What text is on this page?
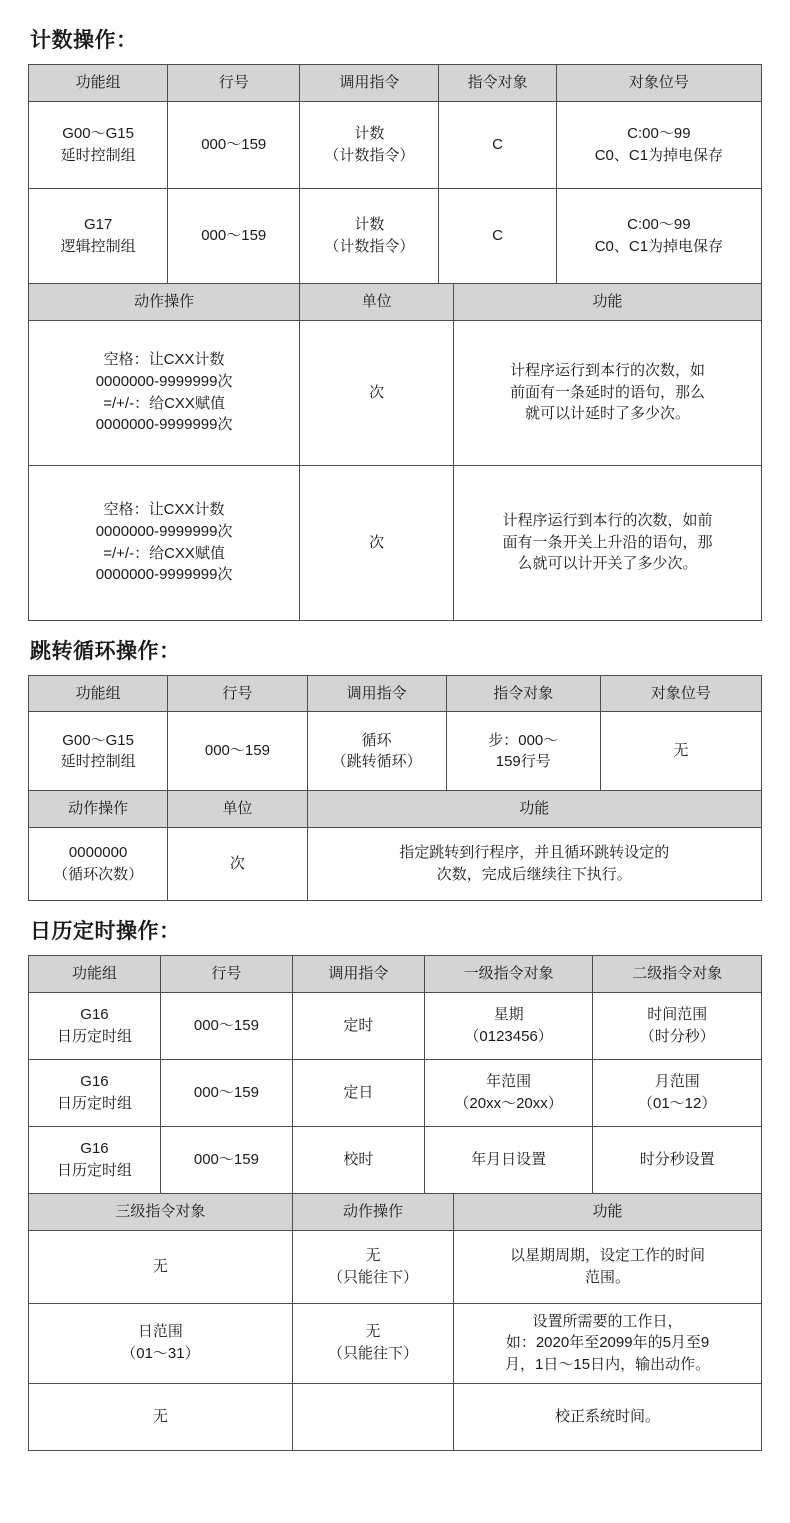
计数操作：
功能组	行号	调用指令	指令对象	对象位号

G00～G15
延时控制组	000～159	计数
（计数指令）	C	C:00～99
C0、C1为掉电保存

G17
逻辑控制组	000～159	计数
（计数指令）	C	C:00～99
C0、C1为掉电保存
动作操作	单位	功能

空格：让CXX计数
0000000-9999999次
=/+/-：给CXX赋值
0000000-9999999次	次	计程序运行到本行的次数，如
前面有一条延时的语句，那么
就可以计延时了多少次。

空格：让CXX计数
0000000-9999999次
=/+/-：给CXX赋值
0000000-9999999次	次	计程序运行到本行的次数，如前
面有一条开关上升沿的语句，那
么就可以计开关了多少次。
跳转循环操作：
功能组	行号	调用指令	指令对象	对象位号

G00～G15
延时控制组	000～159	循环
（跳转循环）	步：000～
159行号	无
动作操作	单位	功能

0000000
（循环次数）	次	指定跳转到行程序，并且循环跳转设定的
次数，完成后继续往下执行。
日历定时操作：
功能组	行号	调用指令	一级指令对象	二级指令对象

G16
日历定时组	000～159	定时	星期
（0123456）	时间范围
（时分秒）

G16
日历定时组	000～159	定日	年范围
（20xx～20xx）	月范围
（01～12）

G16
日历定时组	000～159	校时	年月日设置	时分秒设置
三级指令对象	动作操作	功能

无	无
（只能往下）	以星期周期，设定工作的时间
范围。

日范围
（01～31）	无
（只能往下）	设置所需要的工作日，
如：2020年至2099年的5月至9
月，1日～15日内，输出动作。

无		校正系统时间。
